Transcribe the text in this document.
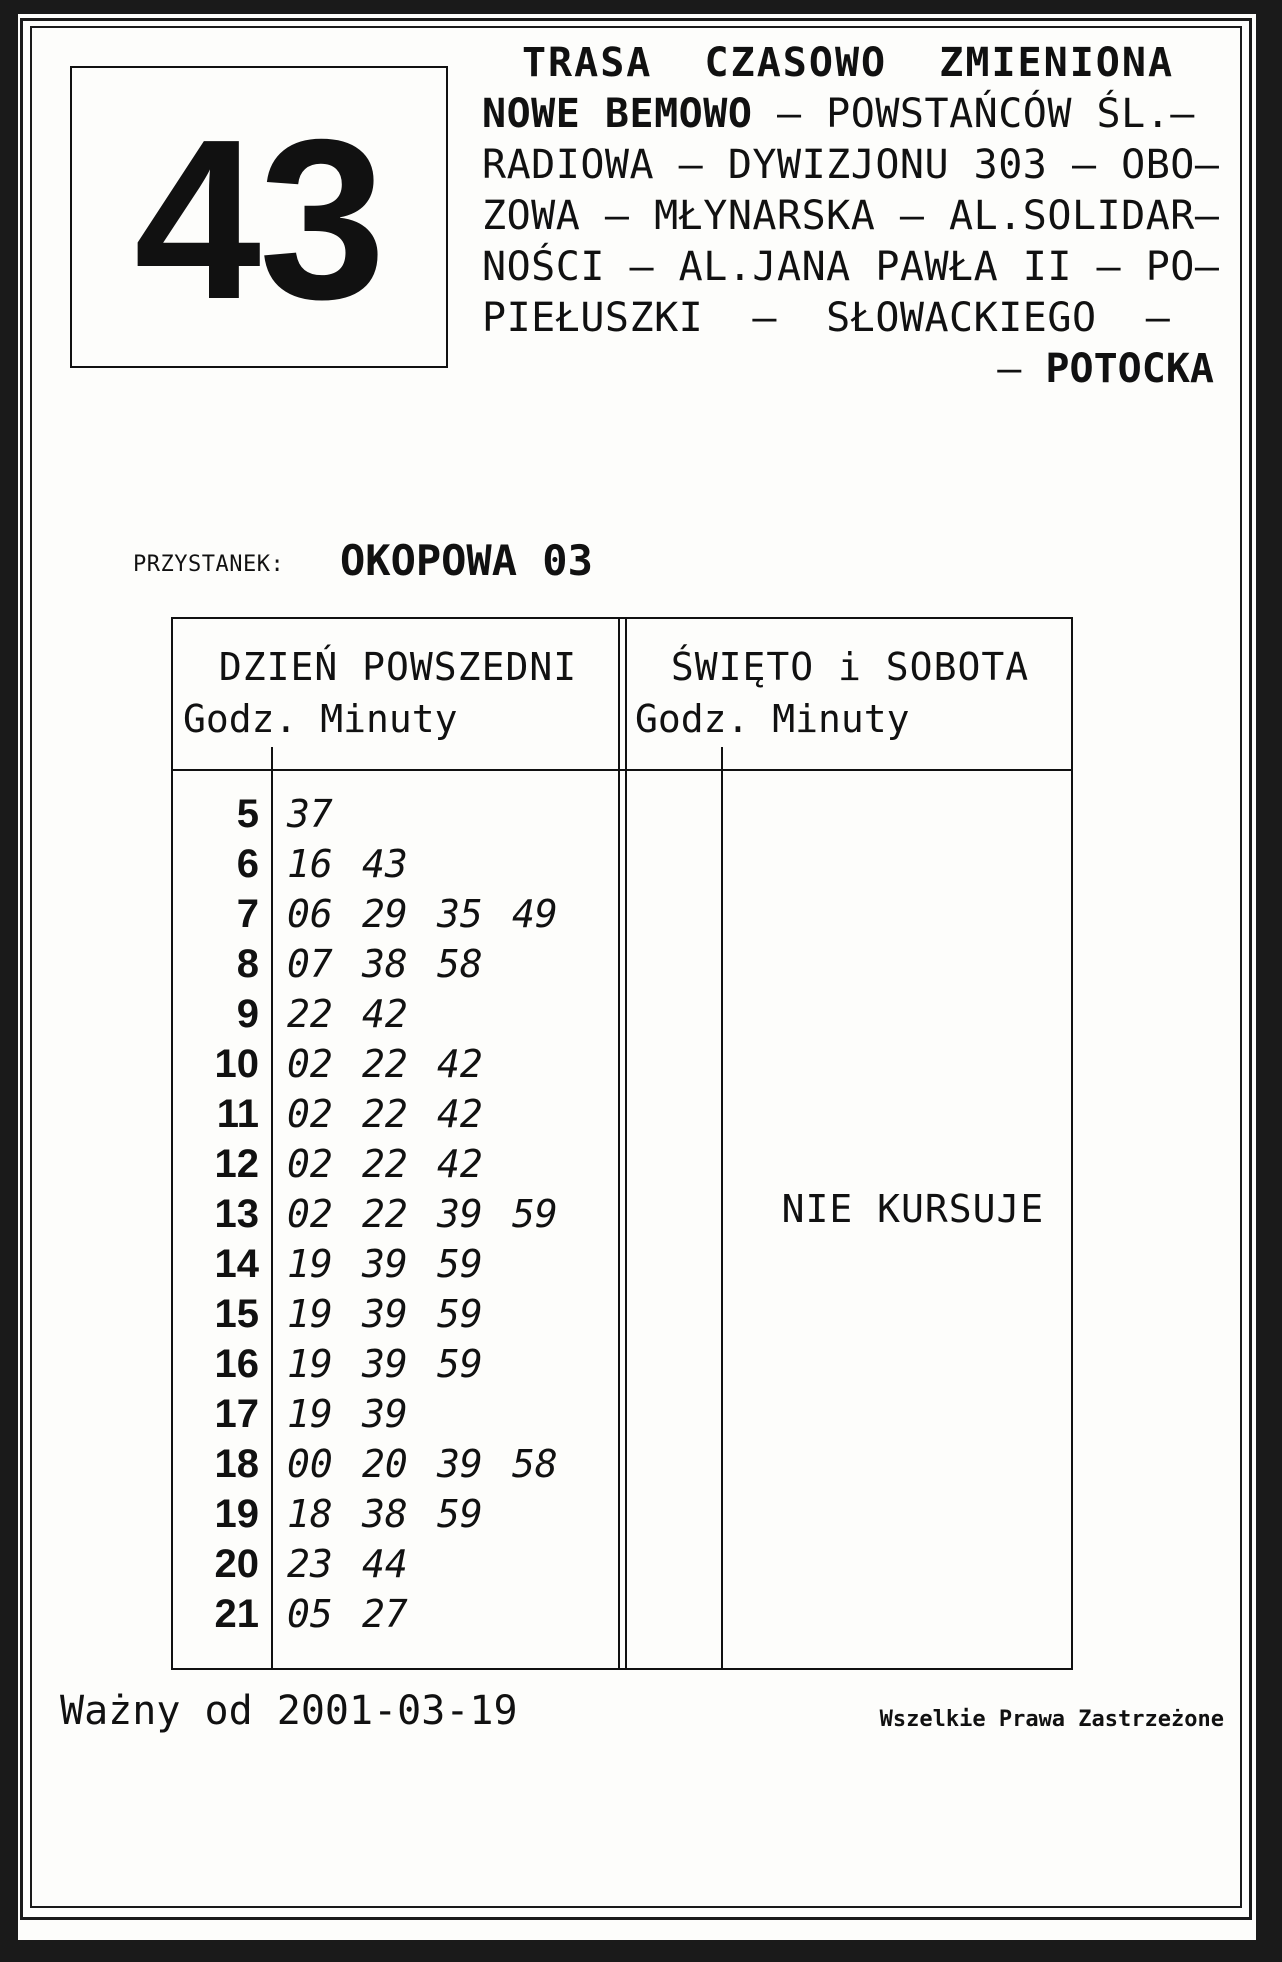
43
TRASA  CZASOWO  ZMIENIONA
NOWE BEMOWO – POWSTAŃCÓW ŚL.–
RADIOWA – DYWIZJONU 303 – OBO–
ZOWA – MŁYNARSKA – AL.SOLIDAR–
NOŚCI – AL.JANA PAWŁA II – PO–
PIEŁUSZKI  –  SŁOWACKIEGO  –
– POTOCKA
PRZYSTANEK: OKOPOWA 03
DZIEŃ POWSZEDNI
Godz. Minuty
ŚWIĘTO i SOBOTA
Godz. Minuty
5 37
6 16 43
7 06 29 35 49
8 07 38 58
9 22 42
10 02 22 42
11 02 22 42
12 02 22 42
13 02 22 39 59
14 19 39 59
15 19 39 59
16 19 39 59
17 19 39
18 00 20 39 58
19 18 38 59
20 23 44
21 05 27
NIE KURSUJE
Ważny od 2001-03-19	Wszelkie Prawa Zastrzeżone
